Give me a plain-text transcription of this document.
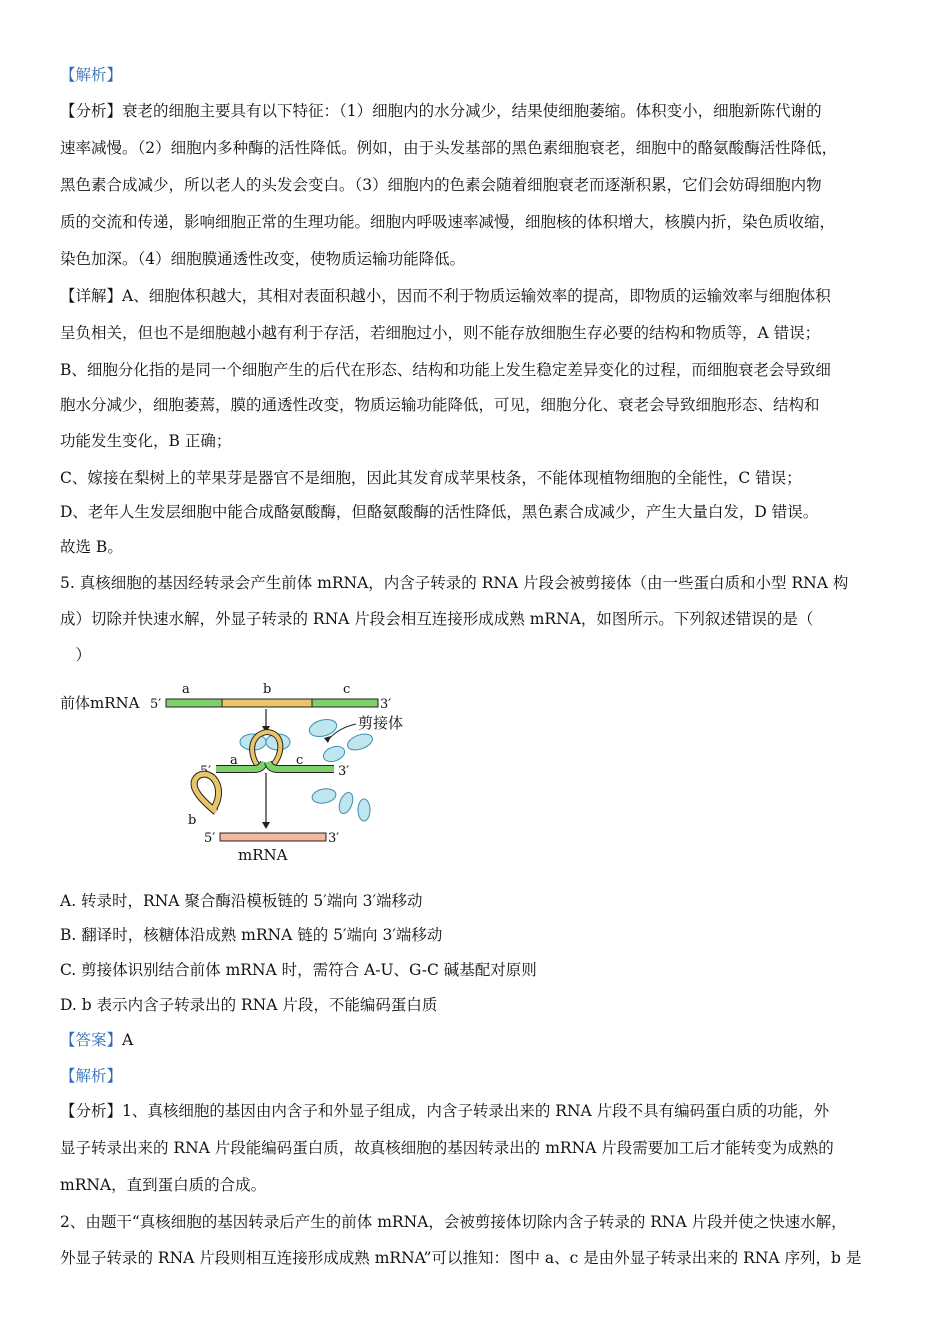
【解析】
【分析】衰老的细胞主要具有以下特征：（1）细胞内的水分减少，结果使细胞萎缩。体积变小，细胞新陈代谢的
速率减慢。（2）细胞内多种酶的活性降低。例如，由于头发基部的黑色素细胞衰老，细胞中的酪氨酸酶活性降低，
黑色素合成减少，所以老人的头发会变白。（3）细胞内的色素会随着细胞衰老而逐渐积累，它们会妨碍细胞内物
质的交流和传递，影响细胞正常的生理功能。细胞内呼吸速率减慢，细胞核的体积增大，核膜内折，染色质收缩，
染色加深。（4）细胞膜通透性改变，使物质运输功能降低。
【详解】A、细胞体积越大，其相对表面积越小，因而不利于物质运输效率的提高，即物质的运输效率与细胞体积
呈负相关，但也不是细胞越小越有利于存活，若细胞过小，则不能存放细胞生存必要的结构和物质等，A 错误；
B、细胞分化指的是同一个细胞产生的后代在形态、结构和功能上发生稳定差异变化的过程，而细胞衰老会导致细
胞水分减少，细胞萎蔫，膜的通透性改变，物质运输功能降低，可见，细胞分化、衰老会导致细胞形态、结构和
功能发生变化，B 正确；
C、嫁接在梨树上的苹果芽是器官不是细胞，因此其发育成苹果枝条，不能体现植物细胞的全能性，C 错误；
D、老年人生发层细胞中能合成酪氨酸酶，但酪氨酸酶的活性降低，黑色素合成减少，产生大量白发，D 错误。
故选 B。
5. 真核细胞的基因经转录会产生前体 mRNA，内含子转录的 RNA 片段会被剪接体（由一些蛋白质和小型 RNA 构
成）切除并快速水解，外显子转录的 RNA 片段会相互连接形成成熟 mRNA，如图所示。下列叙述错误的是（
　）
前体mRNA 5′
a	b	c
3′
剪接体
5′
a	c
3′
b
5′	3′
mRNA
A. 转录时，RNA 聚合酶沿模板链的 5′端向 3′端移动
B. 翻译时，核糖体沿成熟 mRNA 链的 5′端向 3′端移动
C. 剪接体识别结合前体 mRNA 时，需符合 A-U、G-C 碱基配对原则
D. b 表示内含子转录出的 RNA 片段，不能编码蛋白质
【答案】A
【解析】
【分析】1、真核细胞的基因由内含子和外显子组成，内含子转录出来的 RNA 片段不具有编码蛋白质的功能，外
显子转录出来的 RNA 片段能编码蛋白质，故真核细胞的基因转录出的 mRNA 片段需要加工后才能转变为成熟的
mRNA，直到蛋白质的合成。
2、由题干“真核细胞的基因转录后产生的前体 mRNA，会被剪接体切除内含子转录的 RNA 片段并使之快速水解，
外显子转录的 RNA 片段则相互连接形成成熟 mRNA”可以推知：图中 a、c 是由外显子转录出来的 RNA 序列，b 是
